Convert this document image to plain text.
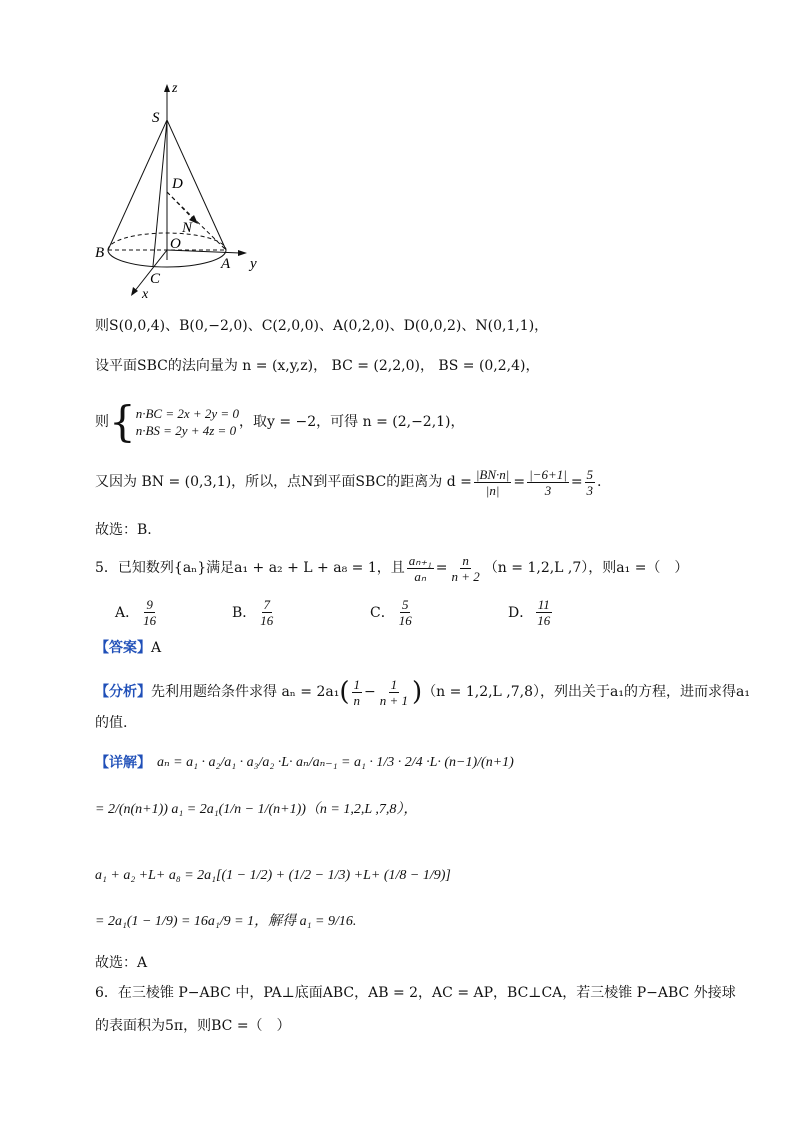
z
S
D
N
O
B
A y
C
x
则S(0,0,4)、B(0,−2,0)、C(2,0,0)、A(0,2,0)、D(0,0,2)、N(0,1,1)，
设平面SBC的法向量为 n = (x,y,z)， BC = (2,2,0)， BS = (0,2,4)，
则 { n·BC = 2x + 2y = 0
n·BS = 2y + 4z = 0
，取y = −2，可得 n = (2,−2,1)，
又因为 BN = (0,3,1)，所以，点N到平面SBC的距离为 $d = \frac{|BN\cdot n|}{|n|} = \frac{|-6+1|}{3} = \frac{5}{3}$ .
故选：B.
5．已知数列{aₙ}满足a₁ + a₂ + L + a₈ = 1，且 $\frac{\text{aₙ₊₁}}{\text{aₙ}} = \frac{n}{n + 2} (n = 1,2,L$ ,7），则a₁ =（　）
A． $\frac{9}{16}$	B． $\frac{7}{16}$	C． $\frac{5}{16}$	D． $\frac{11}{16}$
【答案】A
【分析】 先利用题给条件求得 aₙ = 2a₁ ( $\frac{1}{n} - \frac{1}{n + 1}$ ) （n = 1,2,L ,7,8），列出关于a₁的方程，进而求得a₁
的值.
【详解】 aₙ = a₁ · a₂/a₁ · a₃/a₂ ·L· aₙ/aₙ₋₁ = a₁ · 1/3 · 2/4 ·L· (n−1)/(n+1)
= 2/(n(n+1)) a₁ = 2a₁(1/n − 1/(n+1))（n = 1,2,L ,7,8），
a₁ + a₂ +L+ a₈ = 2a₁[(1 − 1/2) + (1/2 − 1/3) +L+ (1/8 − 1/9)]
= 2a₁(1 − 1/9) = 16a₁/9 = 1，解得 a₁ = 9/16.
故选：A
6．在三棱锥 P−ABC 中，PA⊥底面ABC，AB = 2，AC = AP，BC⊥CA，若三棱锥 P−ABC 外接球
的表面积为5π，则BC =（　）
